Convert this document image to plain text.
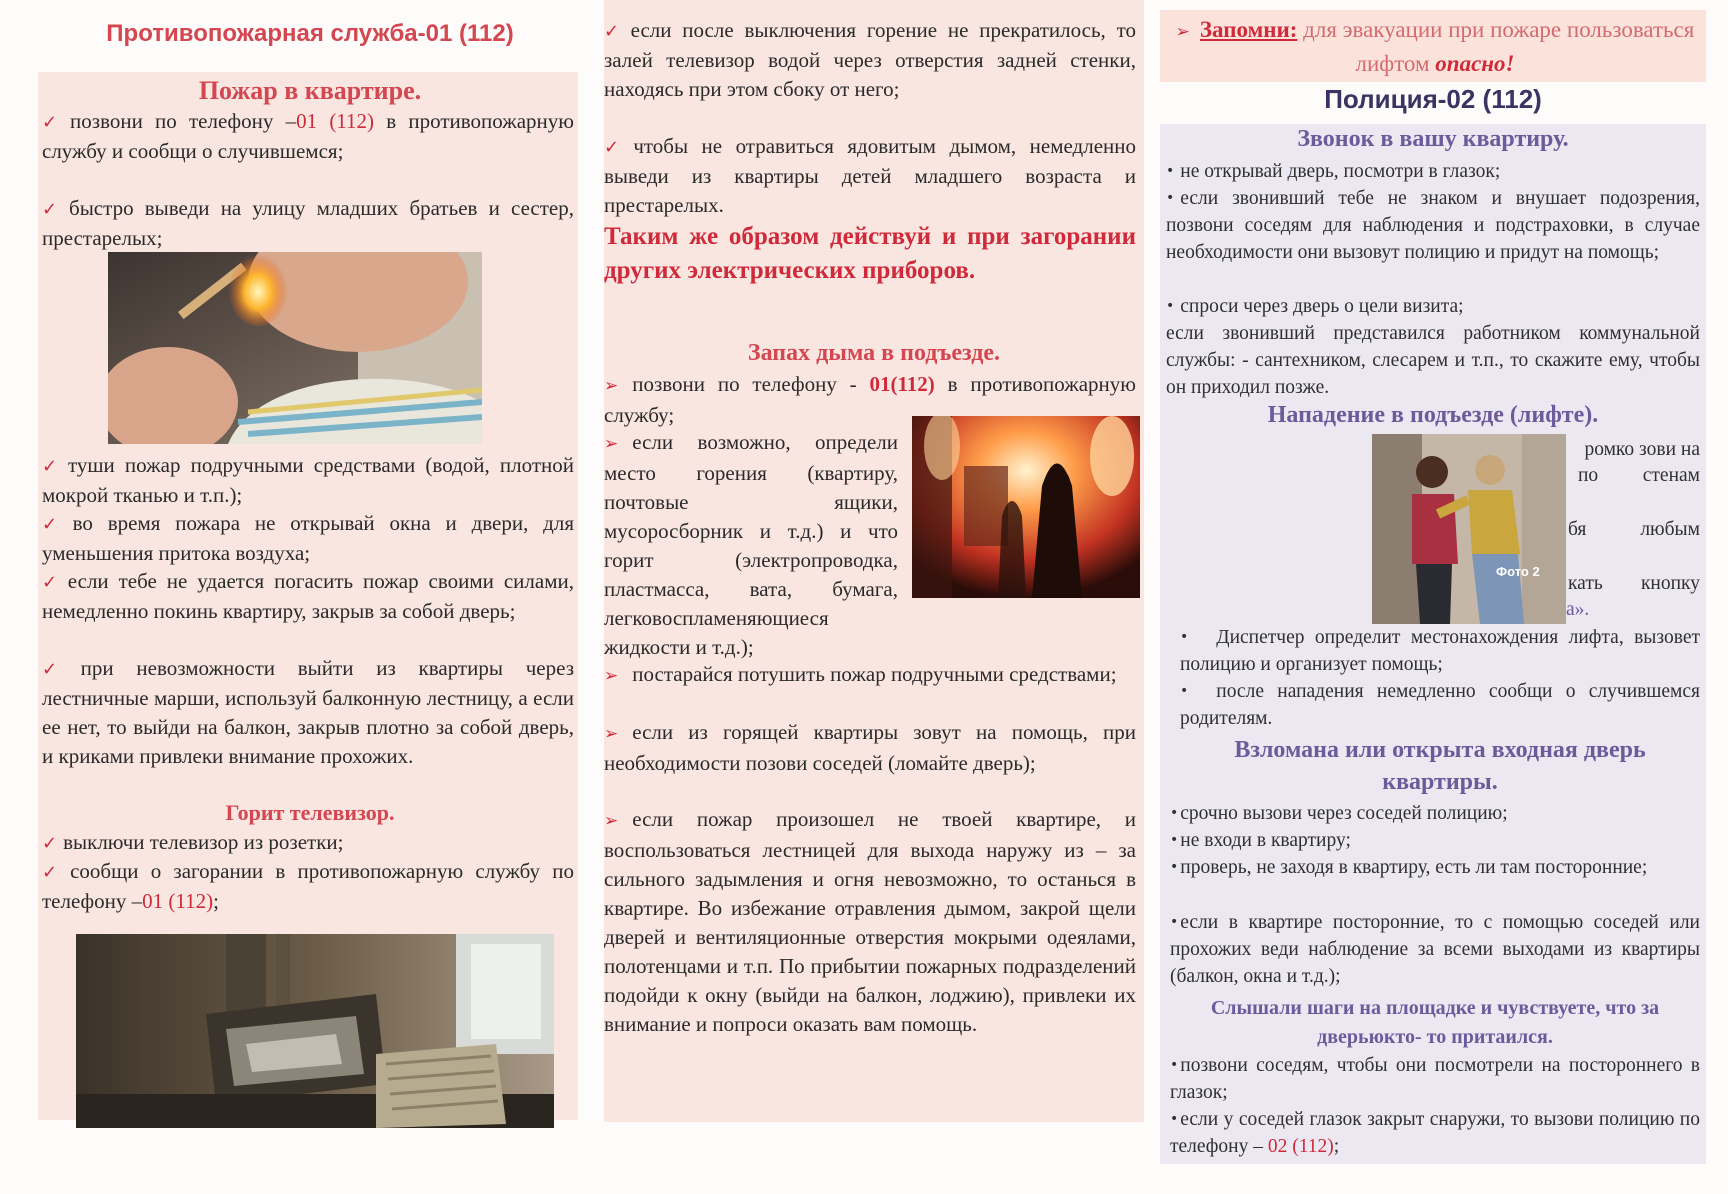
Противопожарная служба-01 (112)
Пожар в квартире.

✓ позвони по телефону –01 (112) в противопожарную службу и сообщи о случившемся;

✓ быстро выведи на улицу младших братьев и сестер, престарелых;

✓ туши пожар подручными средствами (водой, плотной мокрой тканью и т.п.);

✓ во время пожара не открывай окна и двери, для уменьшения притока воздуха;

✓ если тебе не удается погасить пожар своими силами, немедленно покинь квартиру, закрыв за собой дверь;

✓ при невозможности выйти из квартиры через лестничные марши, используй балконную лестницу, а если ее нет, то выйди на балкон, закрыв плотно за собой дверь, и криками привлеки внимание прохожих.

Горит телевизор.

✓ выключи телевизор из розетки;

✓ сообщи о загорании в противопожарную службу по телефону –01 (112);

✓ если после выключения горение не прекратилось, то залей телевизор водой через отверстия задней стенки, находясь при этом сбоку от него;

✓ чтобы не отравиться ядовитым дымом, немедленно выведи из квартиры детей младшего возраста и престарелых.

Таким же образом действуй и при загорании других электрических приборов.

Запах дыма в подъезде.

➢ позвони по телефону - 01(112) в противопожарную службу;

➢ если возможно, определи место горения (квартиру, почтовые ящики, мусоросборник и т.д.) и что горит (электропроводка, пластмасса, вата, бумага, легковоспламеняющиеся жидкости и т.д.);

➢ постарайся потушить пожар подручными средствами;

➢ если из горящей квартиры зовут на помощь, при необходимости позови соседей (ломайте дверь);

➢ если пожар произошел не твоей квартире, и воспользоваться лестницей для выхода наружу из – за сильного задымления и огня невозможно, то останься в квартире. Во избежание отравления дымом, закрой щели дверей и вентиляционные отверстия мокрыми одеялами, полотенцами и т.п. По прибытии пожарных подразделений подойди к окну (выйди на балкон, лоджию), привлеки их внимание и попроси оказать вам помощь.

➢ Запомни: для эвакуации при пожаре пользоваться лифтом опасно!

Полиция-02 (112)
Звонок в вашу квартиру.

• не открывай дверь, посмотри в глазок;

• если звонивший тебе не знаком и внушает подозрения, позвони соседям для наблюдения и подстраховки, в случае необходимости они вызовут полицию и придут на помощь;

• спроси через дверь о цели визита;

если звонивший представился работником коммунальной службы: - сантехником, слесарем и т.п., то скажите ему, чтобы он приходил позже.

Нападение в подъезде (лифте).
Фото 2
ромко зови на
по	стенам
бя	любым
кать	кнопку
а».

• Диспетчер определит местонахождения лифта, вызовет полицию и организует помощь;

• после нападения немедленно сообщи о случившемся родителям.

Взломана или открыта входная дверь квартиры.

• срочно вызови через соседей полицию;

• не входи в квартиру;

• проверь, не заходя в квартиру, есть ли там посторонние;

• если в квартире посторонние, то с помощью соседей или прохожих веди наблюдение за всеми выходами из квартиры (балкон, окна и т.д.);

Слышали шаги на площадке и чувствуете, что за дверьюкто- то притаился.

• позвони соседям, чтобы они посмотрели на постороннего в глазок;

• если у соседей глазок закрыт снаружи, то вызови полицию по телефону – 02 (112);
